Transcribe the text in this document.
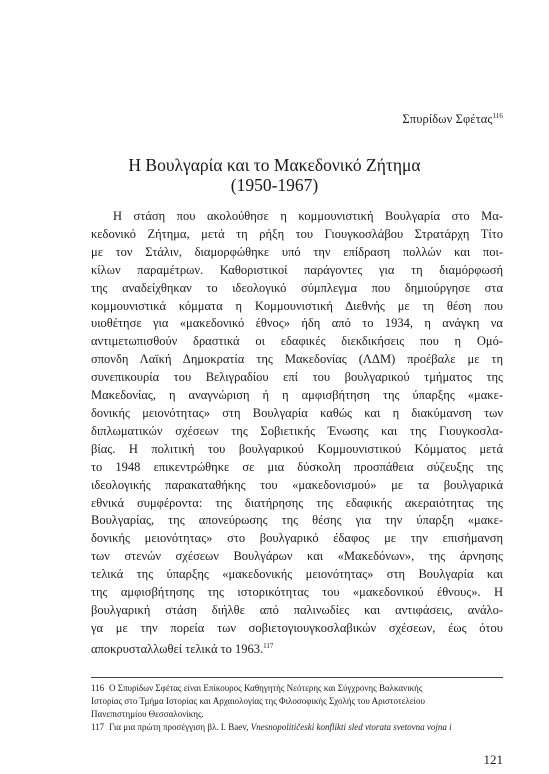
Σπυρίδων Σφέτας$^{116}$
Η Βουλγαρία και το Μακεδονικό Ζήτημα
(1950-1967)

Η στάση που ακολούθησε η κομμουνιστική Βουλγαρία στο Μα-

κεδονικό Ζήτημα, μετά τη ρήξη του Γιουγκοσλάβου Στρατάρχη Τίτο

με τον Στάλιν, διαμορφώθηκε υπό την επίδραση πολλών και ποι-

κίλων παραμέτρων. Καθοριστικοί παράγοντες για τη διαμόρφωσή

της αναδείχθηκαν το ιδεολογικό σύμπλεγμα που δημιούργησε στα

κομμουνιστικά κόμματα η Κομμουνιστική Διεθνής με τη θέση που

υιοθέτησε για «μακεδονικό έθνος» ήδη από το 1934, η ανάγκη να

αντιμετωπισθούν δραστικά οι εδαφικές διεκδικήσεις που η Ομό-

σπονδη Λαϊκή Δημοκρατία της Μακεδονίας (ΛΔΜ) προέβαλε με τη

συνεπικουρία του Βελιγραδίου επί του βουλγαρικού τμήματος της

Μακεδονίας, η αναγνώριση ή η αμφισβήτηση της ύπαρξης «μακε-

δονικής μειονότητας» στη Βουλγαρία καθώς και η διακύμανση των

διπλωματικών σχέσεων της Σοβιετικής Ένωσης και της Γιουγκοσλα-

βίας. Η πολιτική του βουλγαρικού Κομμουνιστικού Κόμματος μετά

το 1948 επικεντρώθηκε σε μια δύσκολη προσπάθεια σύζευξης της

ιδεολογικής παρακαταθήκης του «μακεδονισμού» με τα βουλγαρικά

εθνικά συμφέροντα: της διατήρησης της εδαφικής ακεραιότητας της

Βουλγαρίας, της απονεύρωσης της θέσης για την ύπαρξη «μακε-

δονικής μειονότητας» στο βουλγαρικό έδαφος με την επισήμανση

των στενών σχέσεων Βουλγάρων και «Μακεδόνων», της άρνησης

τελικά της ύπαρξης «μακεδονικής μειονότητας» στη Βουλγαρία και

της αμφισβήτησης της ιστορικότητας του «μακεδονικού έθνους». Η

βουλγαρική στάση διήλθε από παλινωδίες και αντιφάσεις, ανάλο-

γα με την πορεία των σοβιετογιουγκοσλαβικών σχέσεων, έως ότου

αποκρυσταλλωθεί τελικά το 1963.$^{117}$

116 Ο Σπυρίδων Σφέτας είναι Επίκουρος Καθηγητής Νεότερης και Σύγχρονης Βαλκανικής

Ιστορίας στο Τμήμα Ιστορίας και Αρχαιολογίας της Φιλοσοφικής Σχολής του Αριστοτελείου

Πανεπιστημίου Θεσσαλονίκης.

117 Για μια πρώτη προσέγγιση βλ. I. Baev, Vnesnopolitičeski konflikti sled vtorata svetovna vojna i

121
